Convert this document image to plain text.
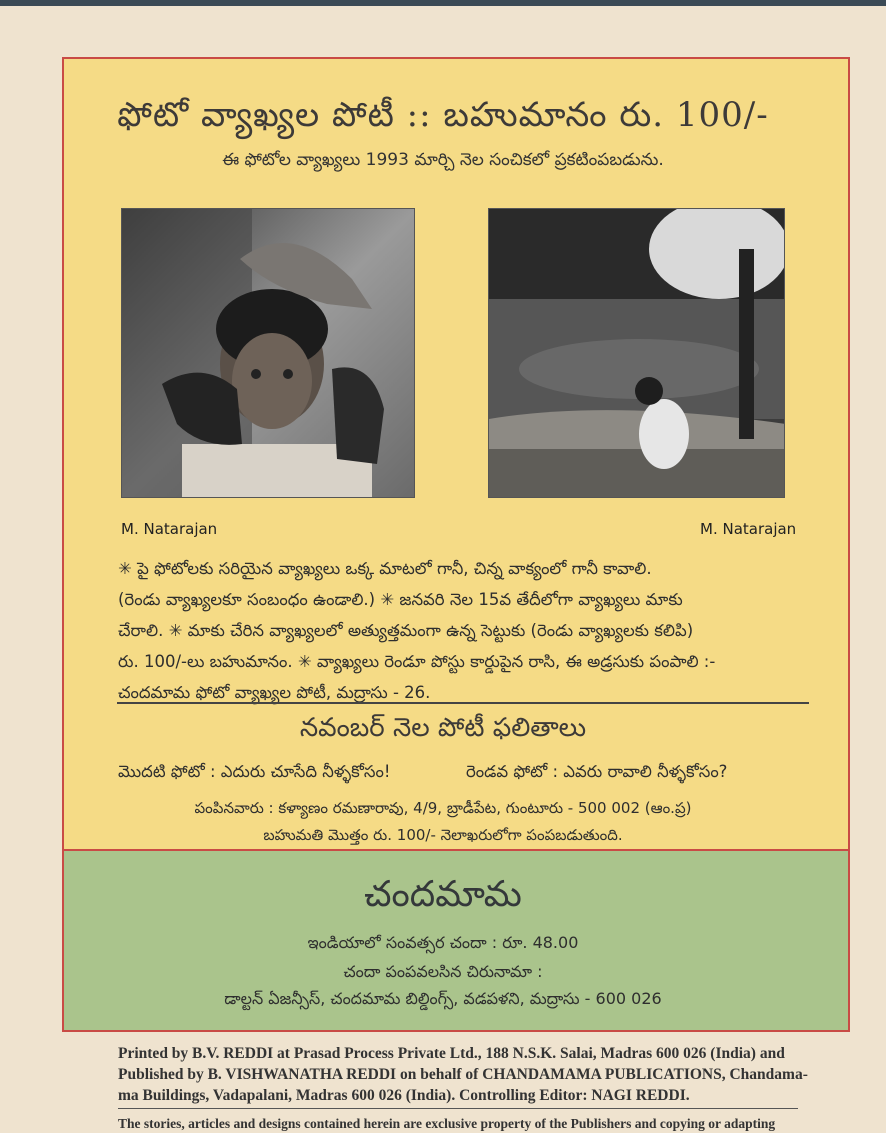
ఫోటో వ్యాఖ్యల పోటీ :: బహుమానం రు. 100/-
ఈ ఫోటోల వ్యాఖ్యలు 1993 మార్చి నెల సంచికలో ప్రకటింపబడును.
M. Natarajan	M. Natarajan

✳ పై ఫోటోలకు సరియైన వ్యాఖ్యలు ఒక్క మాటలో గానీ, చిన్న వాక్యంలో గానీ కావాలి.

(రెండు వ్యాఖ్యలకూ సంబంధం ఉండాలి.) ✳ జనవరి నెల 15వ తేదీలోగా వ్యాఖ్యలు మాకు

చేరాలి. ✳ మాకు చేరిన వ్యాఖ్యలలో అత్యుత్తమంగా ఉన్న సెట్టుకు (రెండు వ్యాఖ్యలకు కలిపి)

రు. 100/-లు బహుమానం. ✳ వ్యాఖ్యలు రెండూ పోస్టు కార్డుపైన రాసి, ఈ అడ్రసుకు పంపాలి :-

చందమామ ఫోటో వ్యాఖ్యల పోటీ, మద్రాసు - 26.

నవంబర్ నెల పోటీ ఫలితాలు
మొదటి ఫోటో : ఎదురు చూసేది నీళ్ళకోసం!	రెండవ ఫోటో : ఎవరు రావాలి నీళ్ళకోసం?
పంపినవారు : కళ్యాణం రమణారావు, 4/9, బ్రాడీపేట, గుంటూరు - 500 002 (ఆం.ప్ర)
బహుమతి మొత్తం రు. 100/- నెలాఖరులోగా పంపబడుతుంది.
చందమామ
ఇండియాలో సంవత్సర చందా : రూ. 48.00
చందా పంపవలసిన చిరునామా :
డాల్టన్ ఏజన్సీస్, చందమామ బిల్డింగ్స్, వడపళని, మద్రాసు - 600 026

Printed by B.V. REDDI at Prasad Process Private Ltd., 188 N.S.K. Salai, Madras 600 026 (India) and

Published by B. VISHWANATHA REDDI on behalf of CHANDAMAMA PUBLICATIONS, Chandama-

ma Buildings, Vadapalani, Madras 600 026 (India). Controlling Editor: NAGI REDDI.

The stories, articles and designs contained herein are exclusive property of the Publishers and copying or adapting
